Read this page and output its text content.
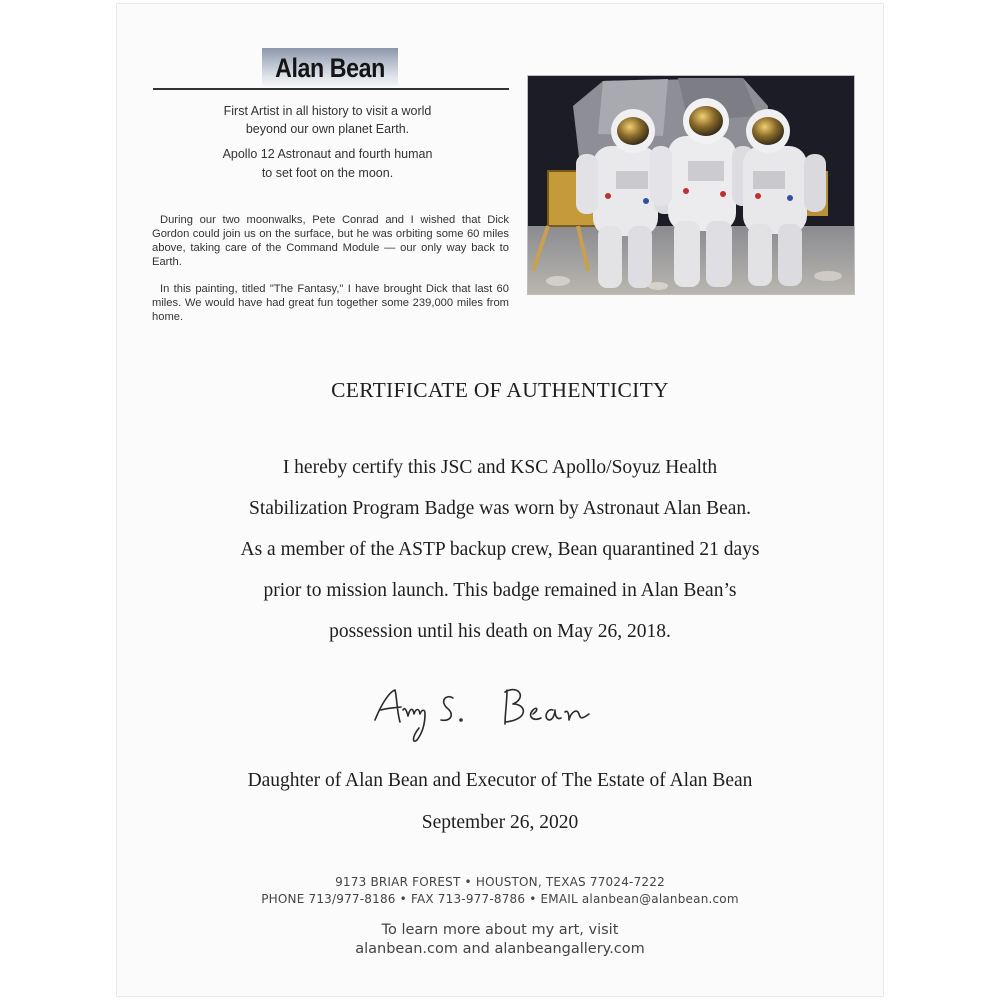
Alan Bean
First Artist in all history to visit a world
beyond our own planet Earth.
Apollo 12 Astronaut and fourth human
to set foot on the moon.
During our two moonwalks, Pete Conrad and I wished that Dick Gordon could join us on the surface, but he was orbiting some 60 miles above, taking care of the Command Module — our only way back to Earth.
In this painting, titled "The Fantasy," I have brought Dick that last 60 miles. We would have had great fun together some 239,000 miles from home.
CERTIFICATE OF AUTHENTICITY
I hereby certify this JSC and KSC Apollo/Soyuz Health
Stabilization Program Badge was worn by Astronaut Alan Bean.
As a member of the ASTP backup crew, Bean quarantined 21 days
prior to mission launch. This badge remained in Alan Bean’s
possession until his death on May 26, 2018.
Daughter of Alan Bean and Executor of The Estate of Alan Bean
September 26, 2020
9173 BRIAR FOREST • HOUSTON, TEXAS 77024-7222
PHONE 713/977-8186 • FAX 713-977-8786 • EMAIL alanbean@alanbean.com
To learn more about my art, visit
alanbean.com and alanbeangallery.com
